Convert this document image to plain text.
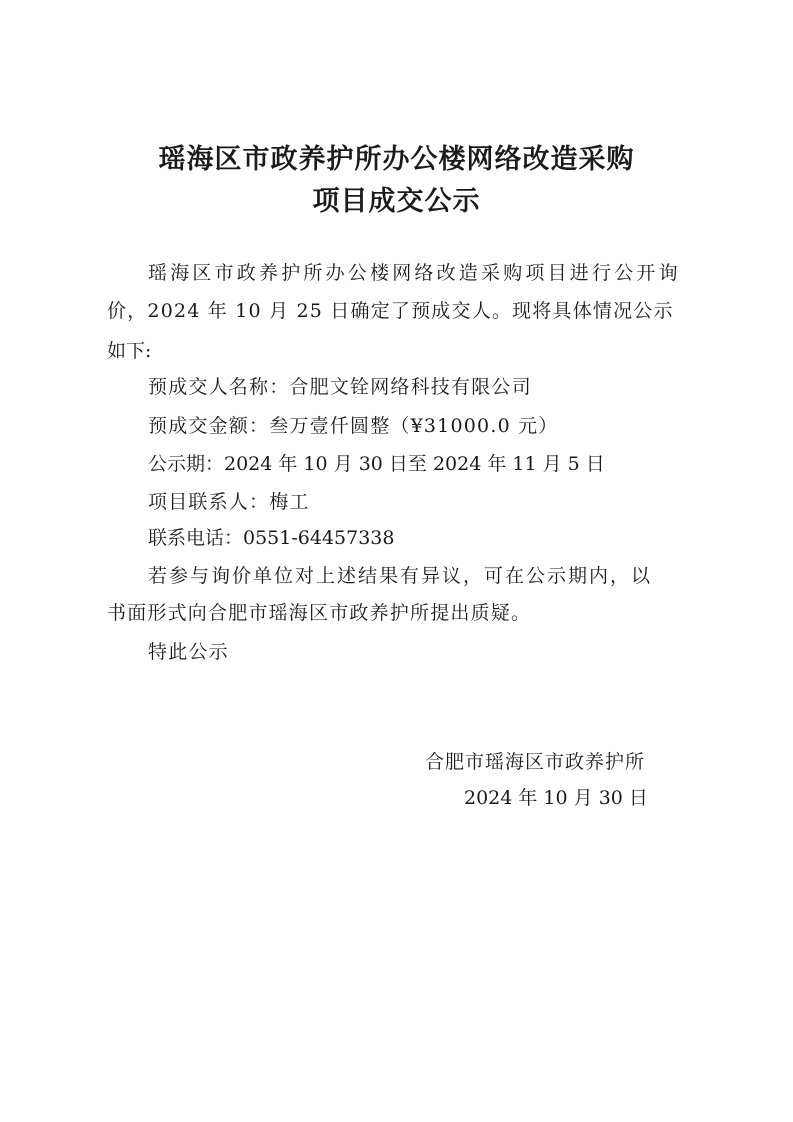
瑶海区市政养护所办公楼网络改造采购
项目成交公示
瑶海区市政养护所办公楼网络改造采购项目进行公开询
价，2024 年 10 月 25 日确定了预成交人。现将具体情况公示
如下:
预成交人名称：合肥文铨网络科技有限公司
预成交金额：叁万壹仟圆整（¥31000.0 元）
公示期：2024 年 10 月 30 日至 2024 年 11 月 5 日
项目联系人：梅工
联系电话：0551-64457338
若参与询价单位对上述结果有异议，可在公示期内，以
书面形式向合肥市瑶海区市政养护所提出质疑。
特此公示
合肥市瑶海区市政养护所
2024 年 10 月 30 日
